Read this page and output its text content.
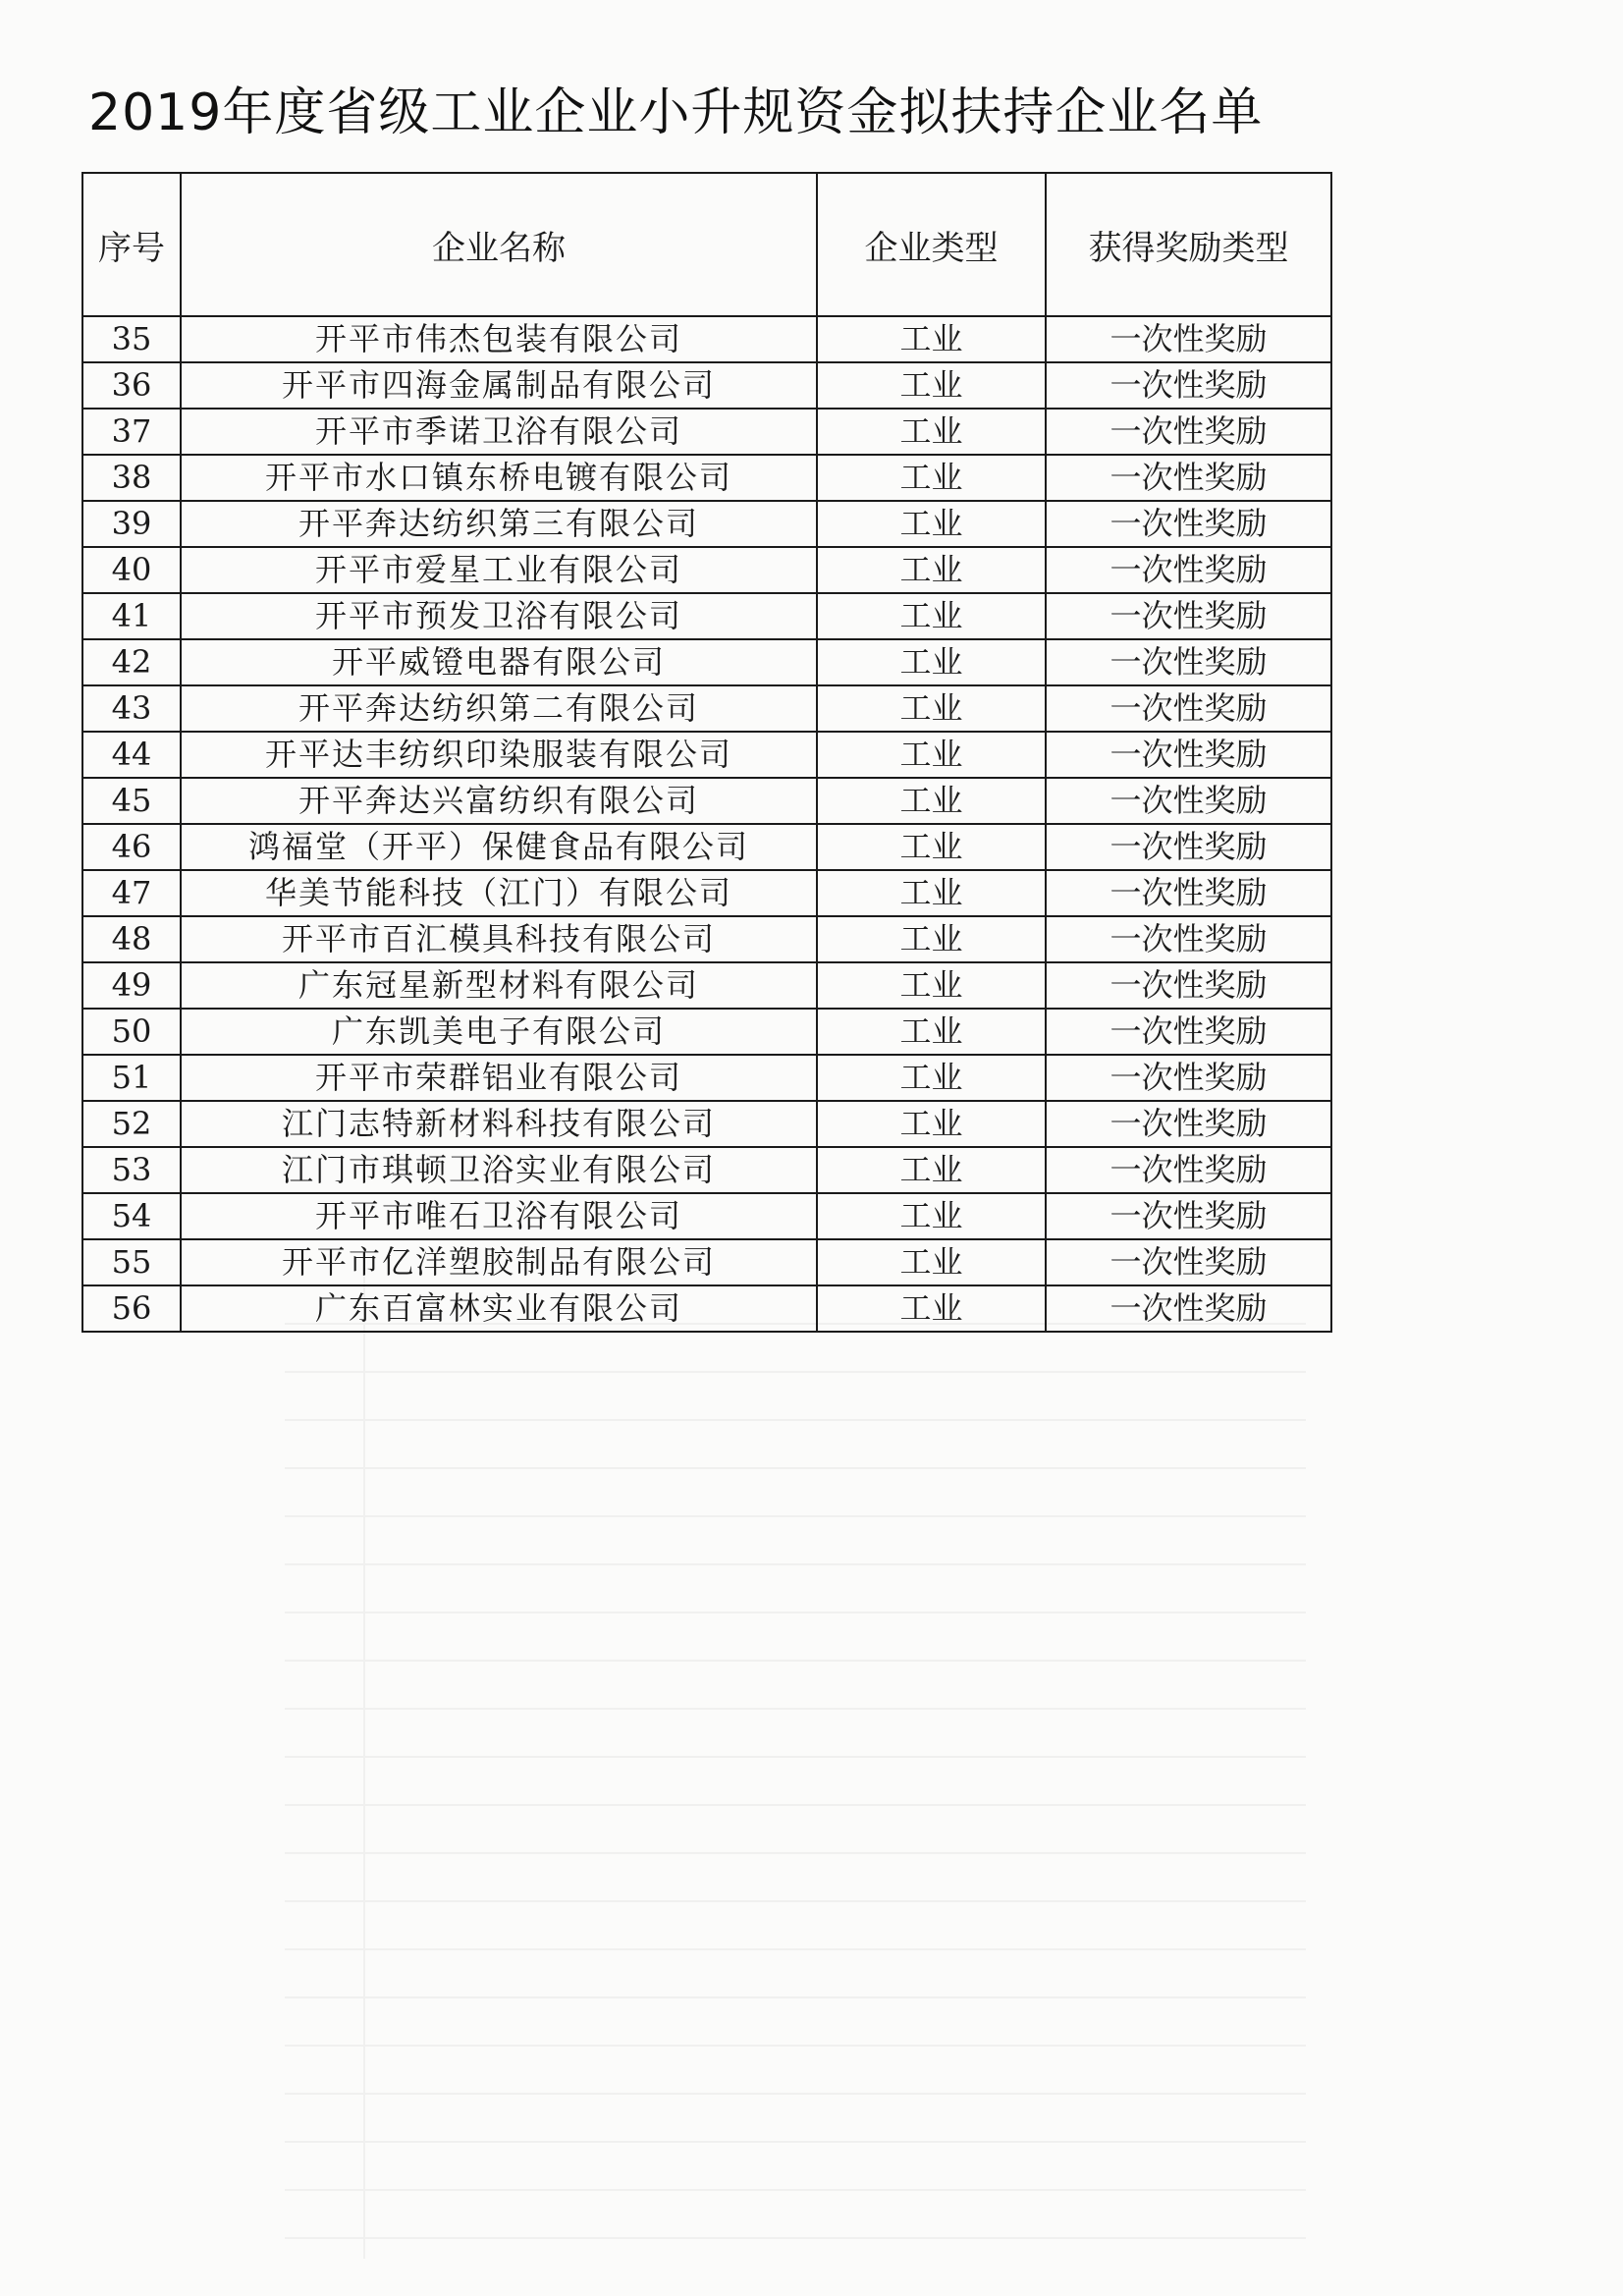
2019年度省级工业企业小升规资金拟扶持企业名单
序号	企业名称	企业类型	获得奖励类型
35	开平市伟杰包装有限公司	工业	一次性奖励
36	开平市四海金属制品有限公司	工业	一次性奖励
37	开平市季诺卫浴有限公司	工业	一次性奖励
38	开平市水口镇东桥电镀有限公司	工业	一次性奖励
39	开平奔达纺织第三有限公司	工业	一次性奖励
40	开平市爱星工业有限公司	工业	一次性奖励
41	开平市预发卫浴有限公司	工业	一次性奖励
42	开平威镫电器有限公司	工业	一次性奖励
43	开平奔达纺织第二有限公司	工业	一次性奖励
44	开平达丰纺织印染服装有限公司	工业	一次性奖励
45	开平奔达兴富纺织有限公司	工业	一次性奖励
46	鸿福堂（开平）保健食品有限公司	工业	一次性奖励
47	华美节能科技（江门）有限公司	工业	一次性奖励
48	开平市百汇模具科技有限公司	工业	一次性奖励
49	广东冠星新型材料有限公司	工业	一次性奖励
50	广东凯美电子有限公司	工业	一次性奖励
51	开平市荣群铝业有限公司	工业	一次性奖励
52	江门志特新材料科技有限公司	工业	一次性奖励
53	江门市琪顿卫浴实业有限公司	工业	一次性奖励
54	开平市唯石卫浴有限公司	工业	一次性奖励
55	开平市亿洋塑胶制品有限公司	工业	一次性奖励
56	广东百富林实业有限公司	工业	一次性奖励
